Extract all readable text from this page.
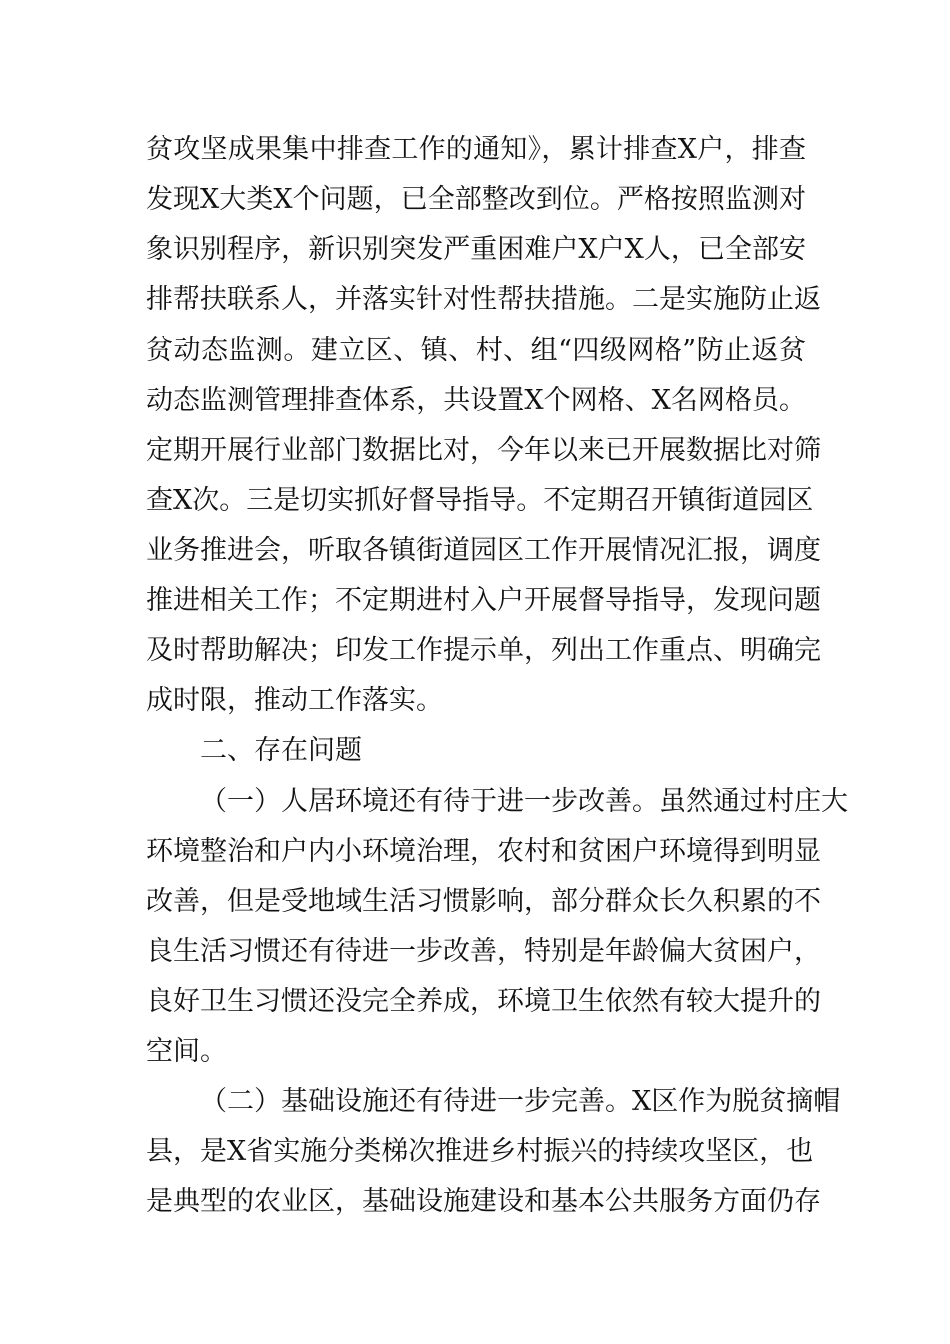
贫攻坚成果集中排查工作的通知》，累计排查X户，排查
发现X大类X个问题，已全部整改到位。严格按照监测对
象识别程序，新识别突发严重困难户X户X人，已全部安
排帮扶联系人，并落实针对性帮扶措施。二是实施防止返
贫动态监测。建立区、镇、村、组“四级网格”防止返贫
动态监测管理排查体系，共设置X个网格、X名网格员。
定期开展行业部门数据比对，今年以来已开展数据比对筛
查X次。三是切实抓好督导指导。不定期召开镇街道园区
业务推进会，听取各镇街道园区工作开展情况汇报，调度
推进相关工作；不定期进村入户开展督导指导，发现问题
及时帮助解决；印发工作提示单，列出工作重点、明确完
成时限，推动工作落实。
二、存在问题
（一）人居环境还有待于进一步改善。虽然通过村庄大
环境整治和户内小环境治理，农村和贫困户环境得到明显
改善，但是受地域生活习惯影响，部分群众长久积累的不
良生活习惯还有待进一步改善，特别是年龄偏大贫困户，
良好卫生习惯还没完全养成，环境卫生依然有较大提升的
空间。
（二）基础设施还有待进一步完善。X区作为脱贫摘帽
县，是X省实施分类梯次推进乡村振兴的持续攻坚区，也
是典型的农业区，基础设施建设和基本公共服务方面仍存
